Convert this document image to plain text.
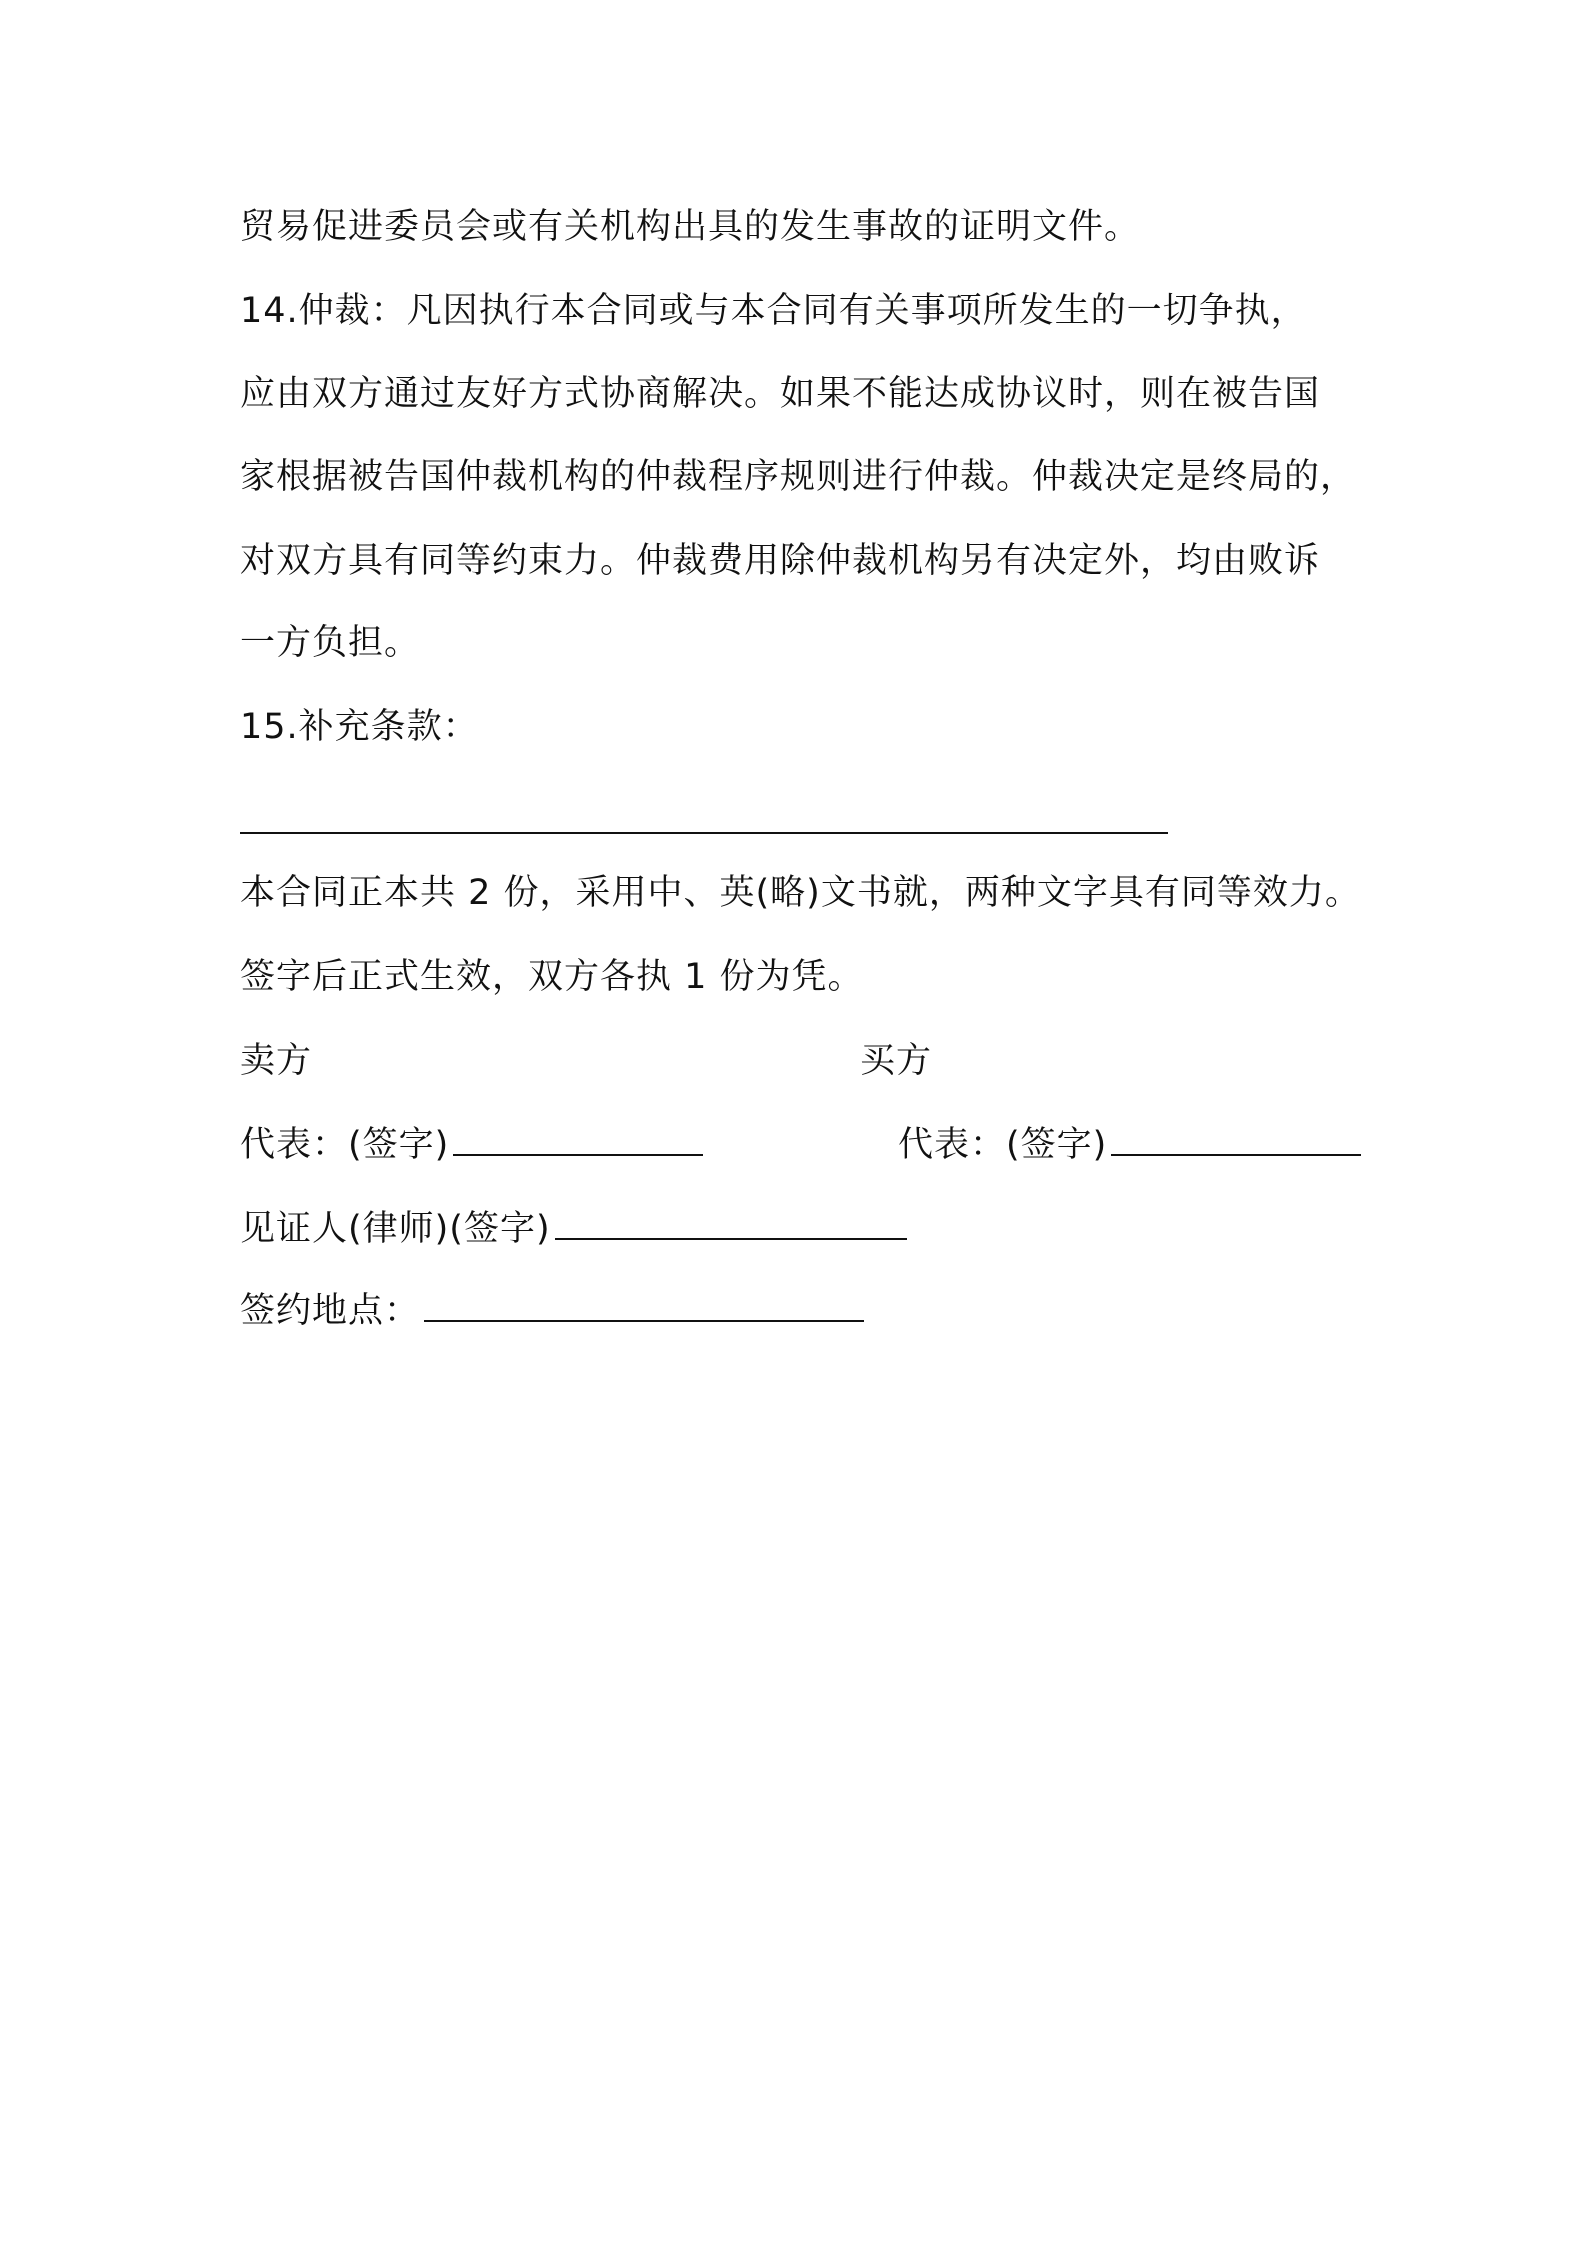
贸易促进委员会或有关机构出具的发生事故的证明文件。
14.仲裁：凡因执行本合同或与本合同有关事项所发生的一切争执，
应由双方通过友好方式协商解决。如果不能达成协议时，则在被告国
家根据被告国仲裁机构的仲裁程序规则进行仲裁。仲裁决定是终局的，
对双方具有同等约束力。仲裁费用除仲裁机构另有决定外，均由败诉
一方负担。
15.补充条款：
本合同正本共 2 份，采用中、英(略)文书就，两种文字具有同等效力。
签字后正式生效，双方各执 1 份为凭。
卖方	买方
代表：(签字)	代表：(签字)
见证人(律师)(签字)
签约地点：
